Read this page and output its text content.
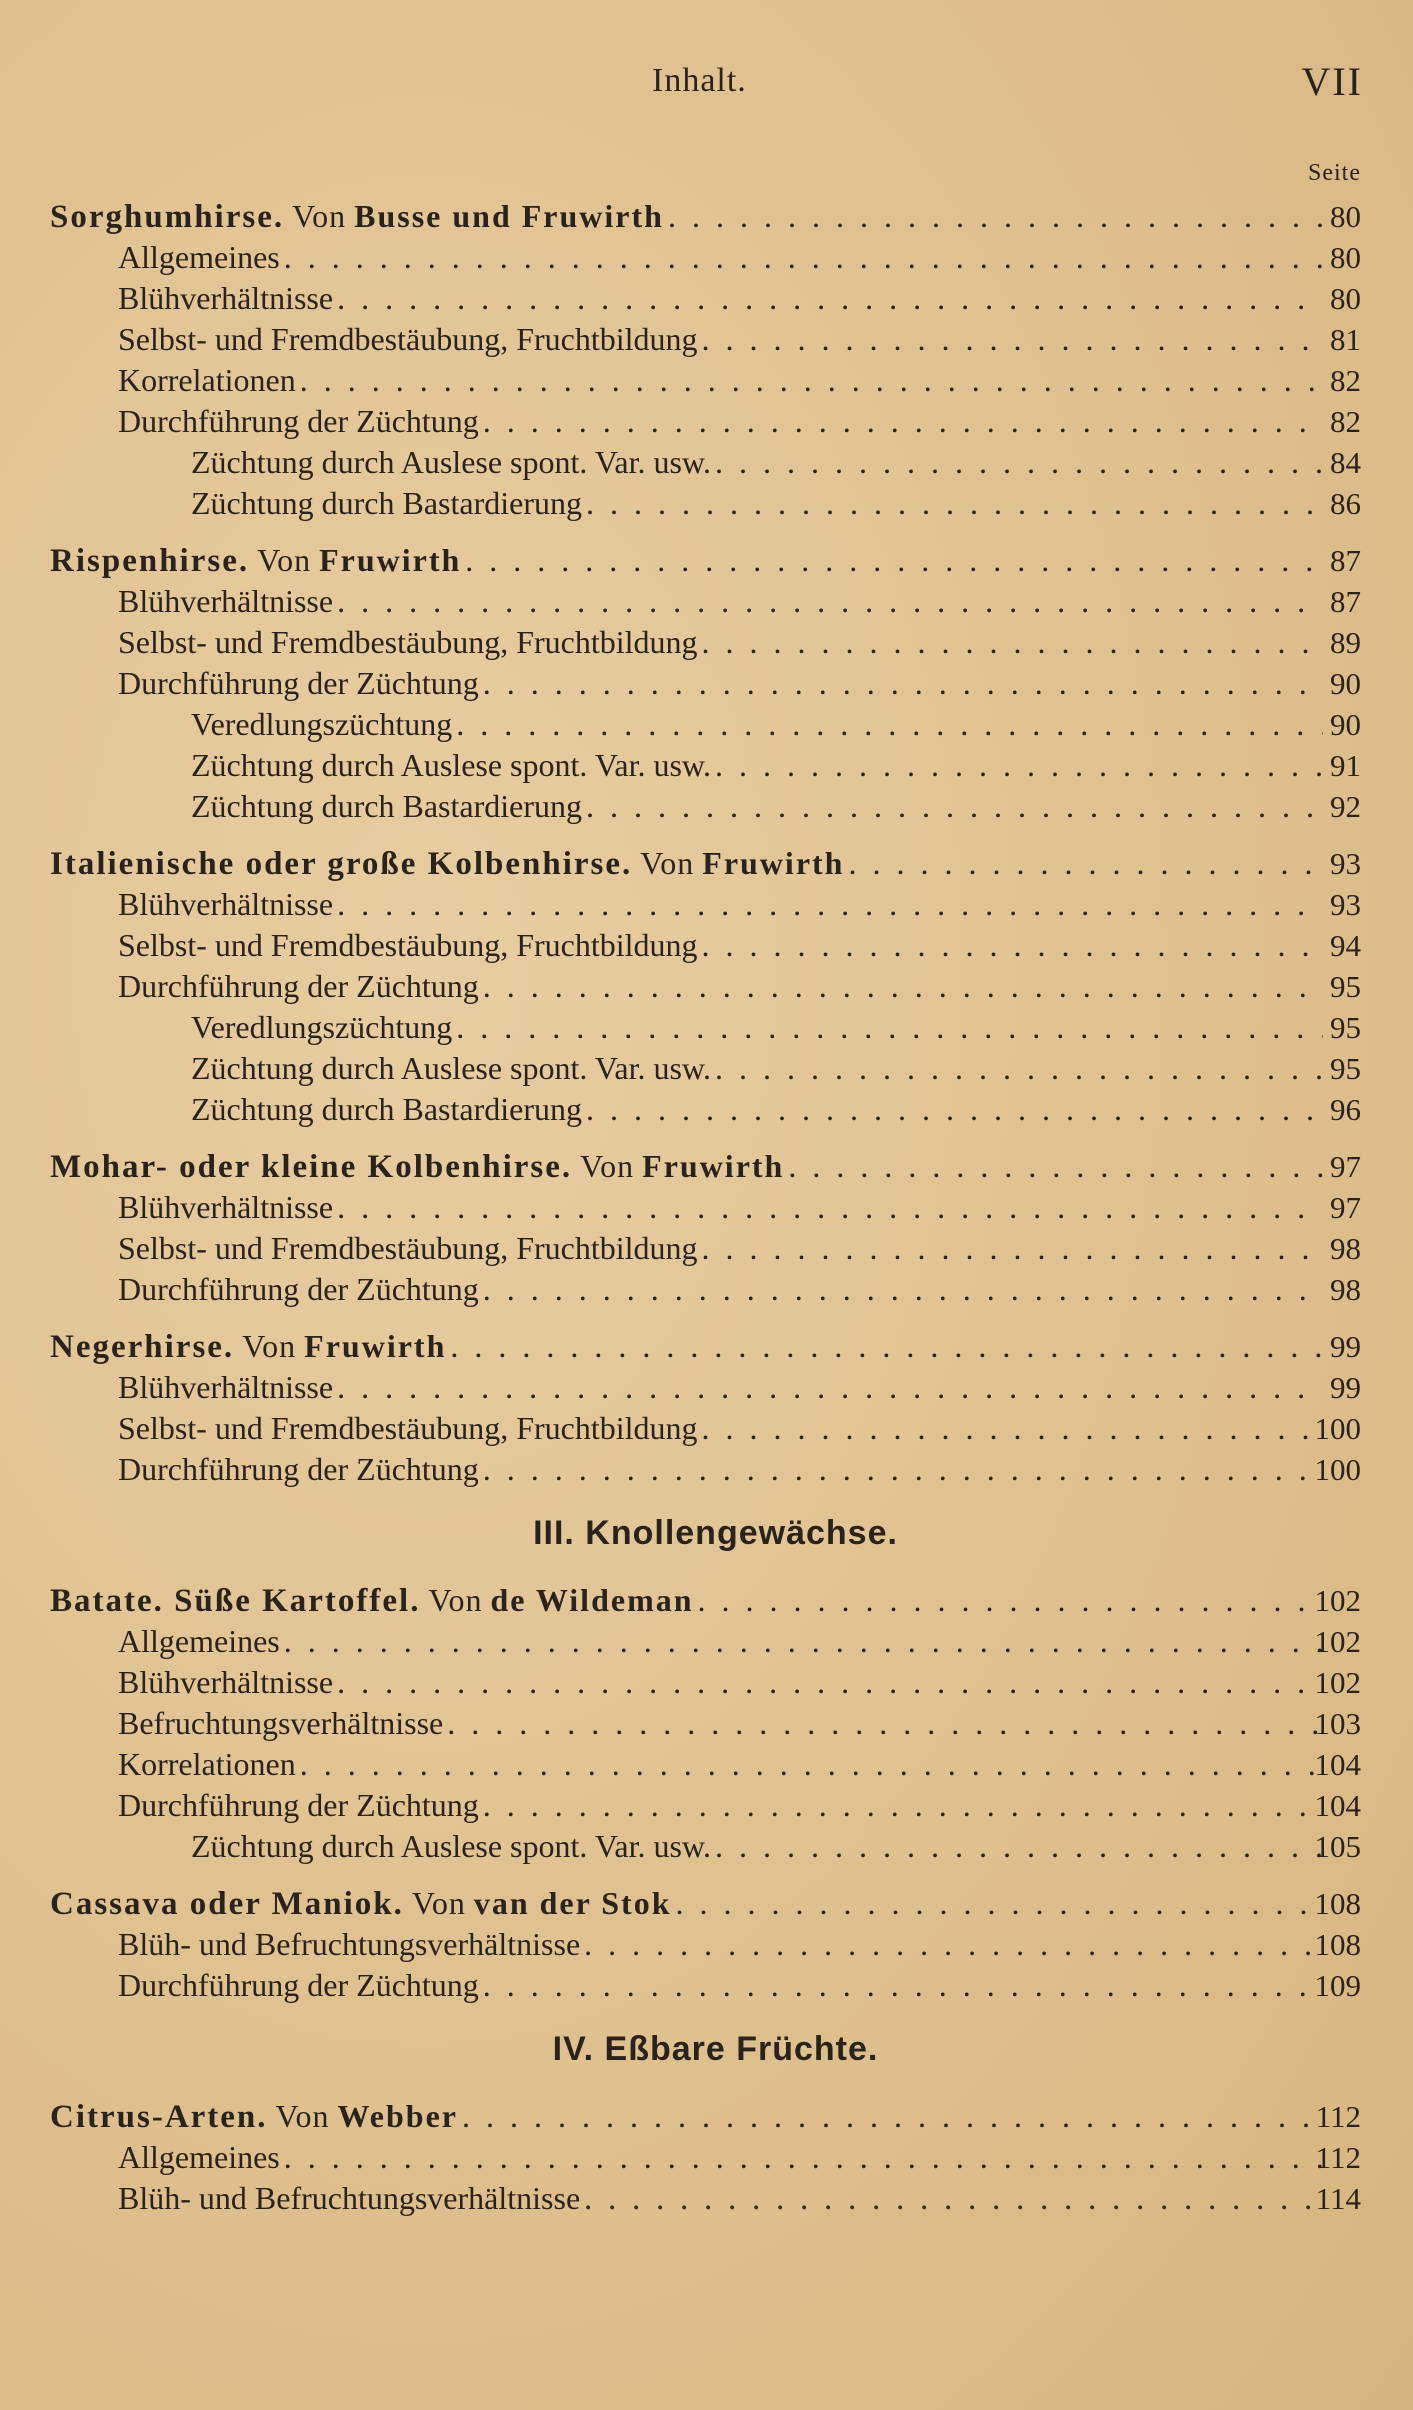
Inhalt.	VII
Seite
Sorghumhirse. Von Busse und Fruwirth . . .	80
Allgemeines . . .	80
Blühverhältnisse . . .	80
Selbst- und Fremdbestäubung, Fruchtbildung . . .	81
Korrelationen . . .	82
Durchführung der Züchtung . . .	82
Züchtung durch Auslese spont. Var. usw. . . .	84
Züchtung durch Bastardierung . . .	86
Rispenhirse. Von Fruwirth . . .	87
Blühverhältnisse . . .	87
Selbst- und Fremdbestäubung, Fruchtbildung . . .	89
Durchführung der Züchtung . . .	90
Veredlungszüchtung . . .	90
Züchtung durch Auslese spont. Var. usw. . . .	91
Züchtung durch Bastardierung . . .	92
Italienische oder große Kolbenhirse. Von Fruwirth . . .	93
Blühverhältnisse . . .	93
Selbst- und Fremdbestäubung, Fruchtbildung . . .	94
Durchführung der Züchtung . . .	95
Veredlungszüchtung . . .	95
Züchtung durch Auslese spont. Var. usw. . . .	95
Züchtung durch Bastardierung . . .	96
Mohar- oder kleine Kolbenhirse. Von Fruwirth . . .	97
Blühverhältnisse . . .	97
Selbst- und Fremdbestäubung, Fruchtbildung . . .	98
Durchführung der Züchtung . . .	98
Negerhirse. Von Fruwirth . . .	99
Blühverhältnisse . . .	99
Selbst- und Fremdbestäubung, Fruchtbildung . . .	100
Durchführung der Züchtung . . .	100
III. Knollengewächse.
Batate. Süße Kartoffel. Von de Wildeman . . .	102
Allgemeines . . .	102
Blühverhältnisse . . .	102
Befruchtungsverhältnisse . . .	103
Korrelationen . . .	104
Durchführung der Züchtung . . .	104
Züchtung durch Auslese spont. Var. usw. . . .	105
Cassava oder Maniok. Von van der Stok . . .	108
Blüh- und Befruchtungsverhältnisse . . .	108
Durchführung der Züchtung . . .	109
IV. Eßbare Früchte.
Citrus-Arten. Von Webber . . .	112
Allgemeines . . .	112
Blüh- und Befruchtungsverhältnisse . . .	114
